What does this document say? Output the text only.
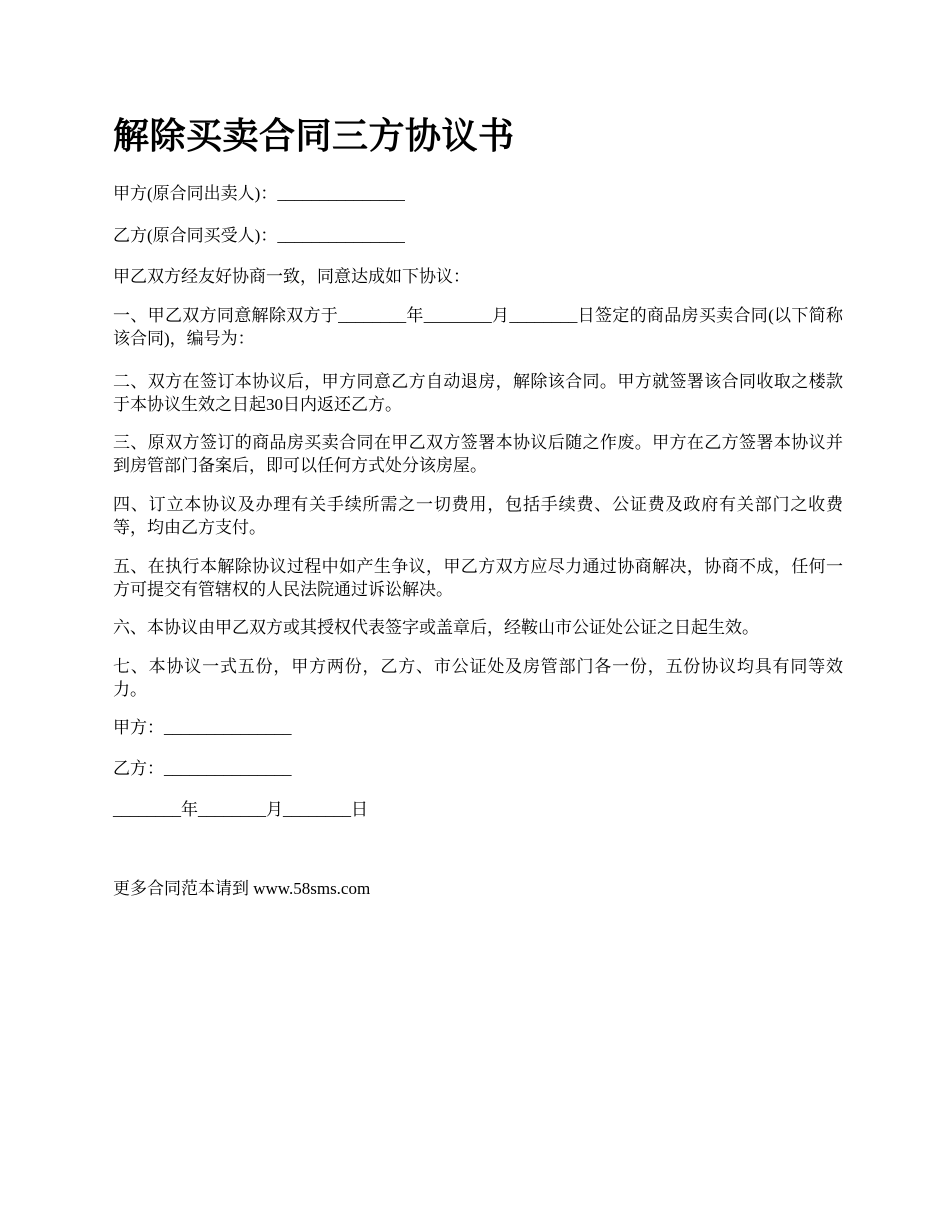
解除买卖合同三方协议书
甲方(原合同出卖人)：_______________
乙方(原合同买受人)：_______________
甲乙双方经友好协商一致，同意达成如下协议：
一、甲乙双方同意解除双方于________年________月________日签定的商品房买卖合同(以下简称该合同)，编号为：
二、双方在签订本协议后，甲方同意乙方自动退房，解除该合同。甲方就签署该合同收取之楼款于本协议生效之日起30日内返还乙方。
三、原双方签订的商品房买卖合同在甲乙双方签署本协议后随之作废。甲方在乙方签署本协议并到房管部门备案后，即可以任何方式处分该房屋。
四、订立本协议及办理有关手续所需之一切费用，包括手续费、公证费及政府有关部门之收费等，均由乙方支付。
五、在执行本解除协议过程中如产生争议，甲乙方双方应尽力通过协商解决，协商不成，任何一方可提交有管辖权的人民法院通过诉讼解决。
六、本协议由甲乙双方或其授权代表签字或盖章后，经鞍山市公证处公证之日起生效。
七、本协议一式五份，甲方两份，乙方、市公证处及房管部门各一份，五份协议均具有同等效力。
甲方：_______________
乙方：_______________
________年________月________日
更多合同范本请到 www.58sms.com
